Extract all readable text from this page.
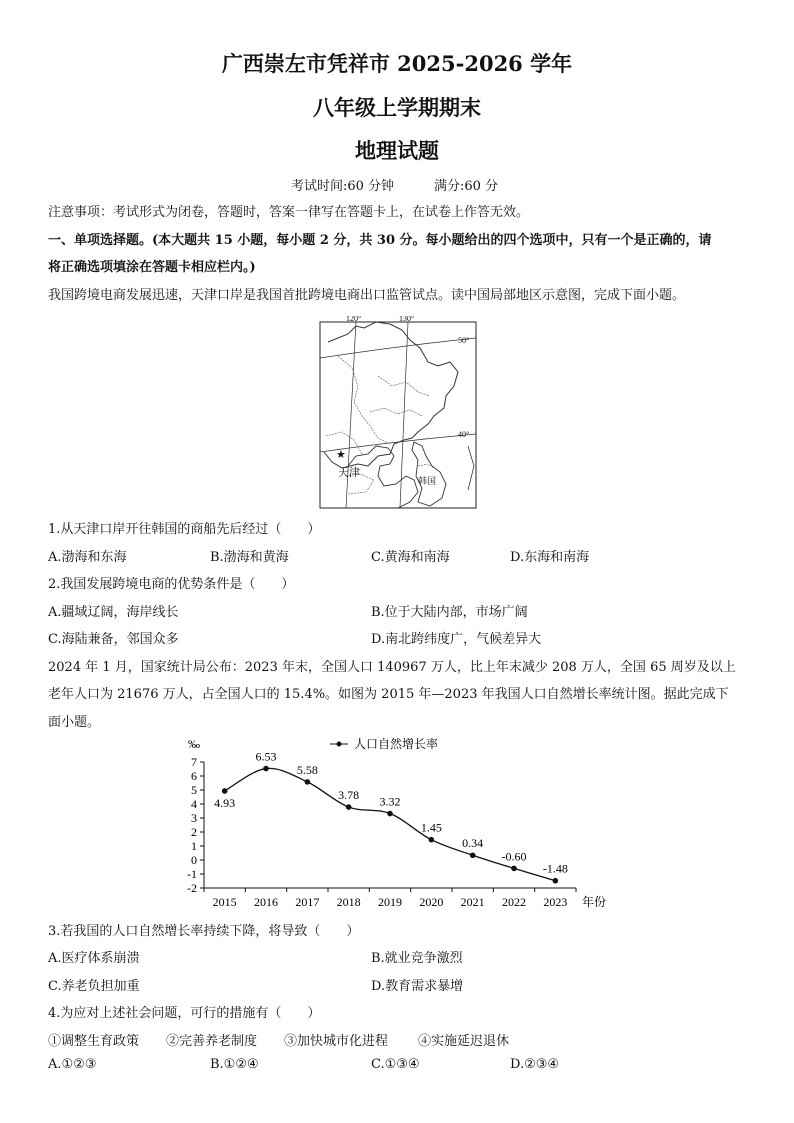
广西崇左市凭祥市 2025-2026 学年
八年级上学期期末
地理试题
考试时间:60 分钟	满分:60 分
注意事项：考试形式为闭卷，答题时，答案一律写在答题卡上，在试卷上作答无效。
一、单项选择题。(本大题共 15 小题，每小题 2 分，共 30 分。每小题给出的四个选项中，只有一个是正确的，请
将正确选项填涂在答题卡相应栏内。)
我国跨境电商发展迅速，天津口岸是我国首批跨境电商出口监管试点。读中国局部地区示意图，完成下面小题。
120°	130°
50°
40°
★
天津
韩国
1.从天津口岸开往韩国的商船先后经过（　　）
A.渤海和东海	B.渤海和黄海	C.黄海和南海	D.东海和南海
2.我国发展跨境电商的优势条件是（　　）
A.疆域辽阔，海岸线长	B.位于大陆内部，市场广阔
C.海陆兼备，邻国众多	D.南北跨纬度广，气候差异大
2024 年 1 月，国家统计局公布：2023 年末，全国人口 140967 万人，比上年末减少 208 万人，全国 65 周岁及以上
老年人口为 21676 万人，占全国人口的 15.4%。如图为 2015 年—2023 年我国人口自然增长率统计图。据此完成下
面小题。
7
6
5
4
3
2
1
0
-1
-2
2015 2016 2017 2018 2019 2020 2021 2022 2023
4.93
6.53
5.58
3.78 3.32
1.45
0.34
-0.60
-1.48
‰	人口自然增长率
年份
3.若我国的人口自然增长率持续下降，将导致（　　）
A.医疗体系崩溃	B.就业竞争激烈
C.养老负担加重	D.教育需求暴增
4.为应对上述社会问题，可行的措施有（　　）
①调整生育政策 ②完善养老制度 ③加快城市化进程 ④实施延迟退休
A.①②③	B.①②④	C.①③④	D.②③④
